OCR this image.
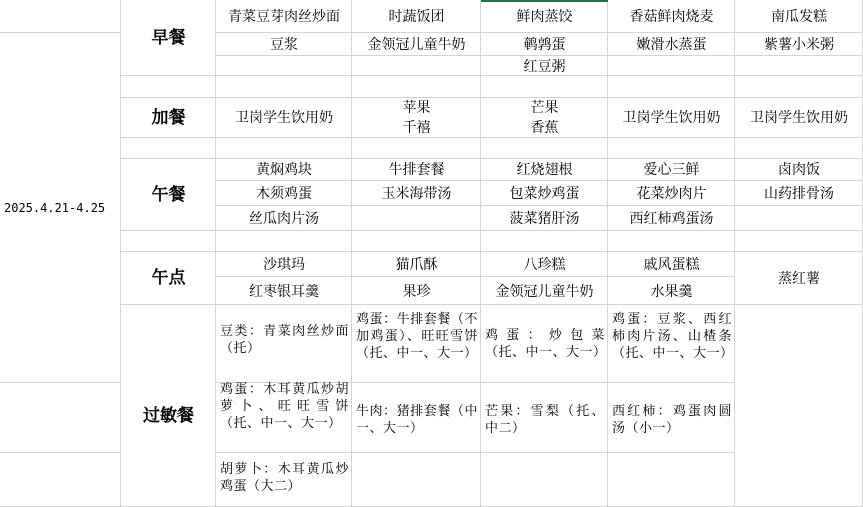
青菜豆芽肉丝炒面
豆浆
时蔬饭团
金领冠儿童牛奶
鲜肉蒸饺
鹌鹑蛋
红豆粥
香菇鲜肉烧麦
嫩滑水蒸蛋
南瓜发糕
紫薯小米粥
卫岗学生饮用奶
苹果
千禧
芒果
香蕉
卫岗学生饮用奶	卫岗学生饮用奶
黄焖鸡块
木须鸡蛋
丝瓜肉片汤
牛排套餐
玉米海带汤
红烧翅根
包菜炒鸡蛋
菠菜猪肝汤
爱心三鲜
花菜炒肉片
西红柿鸡蛋汤
卤肉饭
山药排骨汤
沙琪玛
红枣银耳羹
猫爪酥
果珍
八珍糕
金领冠儿童牛奶
戚风蛋糕
水果羹
蒸红薯
豆类：青菜肉丝炒面（托）
鸡蛋：牛排套餐（不加鸡蛋）、旺旺雪饼（托、中一、大一）
鸡蛋：炒包菜（托、中一、大一）
鸡蛋：豆浆、西红柿肉片汤、山楂条（托、中一、大一）
鸡蛋：木耳黄瓜炒胡萝卜、旺旺雪饼（托、中一、大一）
牛肉：猪排套餐（中一、大一）
芒果：雪梨（托、中二）
西红柿：鸡蛋肉圆汤（小一）
胡萝卜：木耳黄瓜炒鸡蛋（大二）
2025.4.21-4.25
早餐
加餐
午餐
午点
过敏餐
